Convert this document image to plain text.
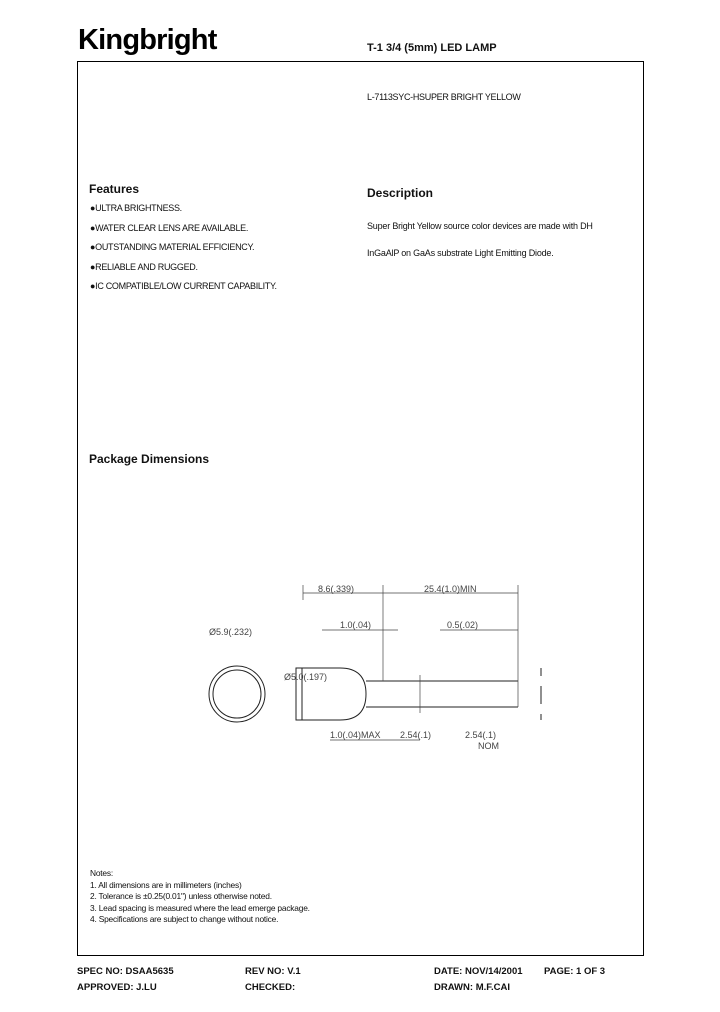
Kingbright	T-1 3/4 (5mm) LED LAMP
L-7113SYC-HSUPER BRIGHT YELLOW
Features
●ULTRA BRIGHTNESS.
●WATER CLEAR LENS ARE AVAILABLE.
●OUTSTANDING MATERIAL EFFICIENCY.
●RELIABLE AND RUGGED.
●IC COMPATIBLE/LOW CURRENT CAPABILITY.
Description
Super Bright Yellow source color devices are made with DH
InGaAlP on GaAs substrate Light Emitting Diode.
Package Dimensions
Ø5.9(.232)
Ø5.0(.197)
8.6(.339)	25.4(1.0)MIN
1.0(.04)	0.5(.02)
1.0(.04)MAX 2.54(.1)	2.54(.1)
NOM
Notes:
1. All dimensions are in millimeters (inches)
2. Tolerance is ±0.25(0.01") unless otherwise noted.
3. Lead spacing is measured where the lead emerge package.
4. Specifications are subject to change without notice.
SPEC NO: DSAA5635	REV NO: V.1	DATE: NOV/14/2001 PAGE: 1 OF 3
APPROVED: J.LU	CHECKED:	DRAWN: M.F.CAI
